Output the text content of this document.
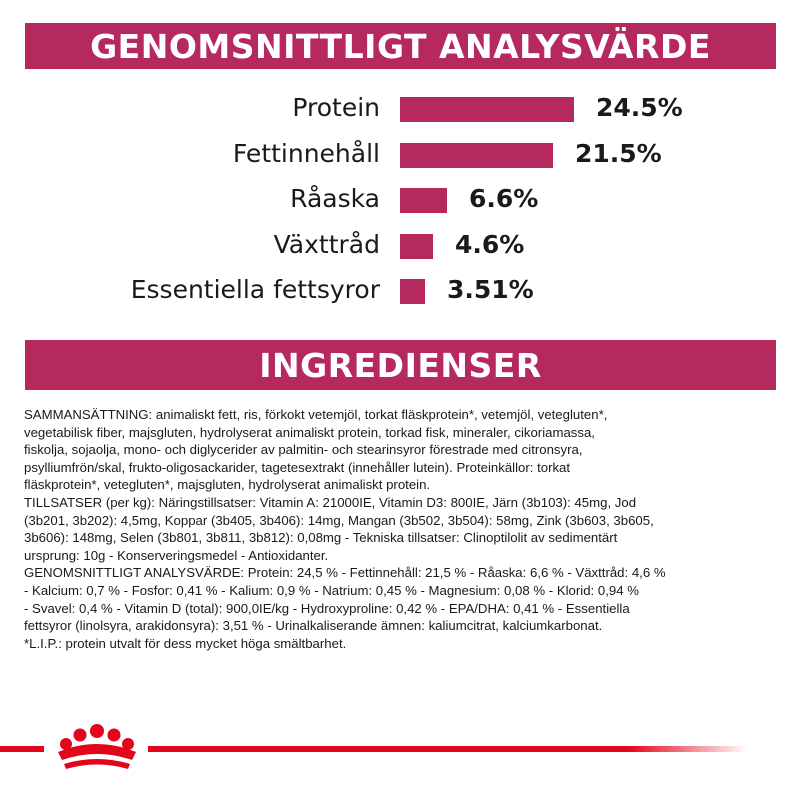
GENOMSNITTLIGT ANALYSVÄRDE
Protein	24.5%
Fettinnehåll	21.5%
Råaska	6.6%
Växttråd	4.6%
Essentiella fettsyror	3.51%
INGREDIENSER
SAMMANSÄTTNING: animaliskt fett, ris, förkokt vetemjöl, torkat fläskprotein*, vetemjöl, vetegluten*,
vegetabilisk fiber, majsgluten, hydrolyserat animaliskt protein, torkad fisk, mineraler, cikoriamassa,
fiskolja, sojaolja, mono- och diglycerider av palmitin- och stearinsyror förestrade med citronsyra,
psylliumfrön/skal, frukto-oligosackarider, tagetesextrakt (innehåller lutein). Proteinkällor: torkat
fläskprotein*, vetegluten*, majsgluten, hydrolyserat animaliskt protein.
TILLSATSER (per kg): Näringstillsatser: Vitamin A: 21000IE, Vitamin D3: 800IE, Järn (3b103): 45mg, Jod
(3b201, 3b202): 4,5mg, Koppar (3b405, 3b406): 14mg, Mangan (3b502, 3b504): 58mg, Zink (3b603, 3b605,
3b606): 148mg, Selen (3b801, 3b811, 3b812): 0,08mg - Tekniska tillsatser: Clinoptilolit av sedimentärt
ursprung: 10g - Konserveringsmedel - Antioxidanter.
GENOMSNITTLIGT ANALYSVÄRDE: Protein: 24,5 % - Fettinnehåll: 21,5 % - Råaska: 6,6 % - Växttråd: 4,6 %
- Kalcium: 0,7 % - Fosfor: 0,41 % - Kalium: 0,9 % - Natrium: 0,45 % - Magnesium: 0,08 % - Klorid: 0,94 %
- Svavel: 0,4 % - Vitamin D (total): 900,0IE/kg - Hydroxyproline: 0,42 % - EPA/DHA: 0,41 % - Essentiella
fettsyror (linolsyra, arakidonsyra): 3,51 % - Urinalkaliserande ämnen: kaliumcitrat, kalciumkarbonat.
*L.I.P.: protein utvalt för dess mycket höga smältbarhet.
